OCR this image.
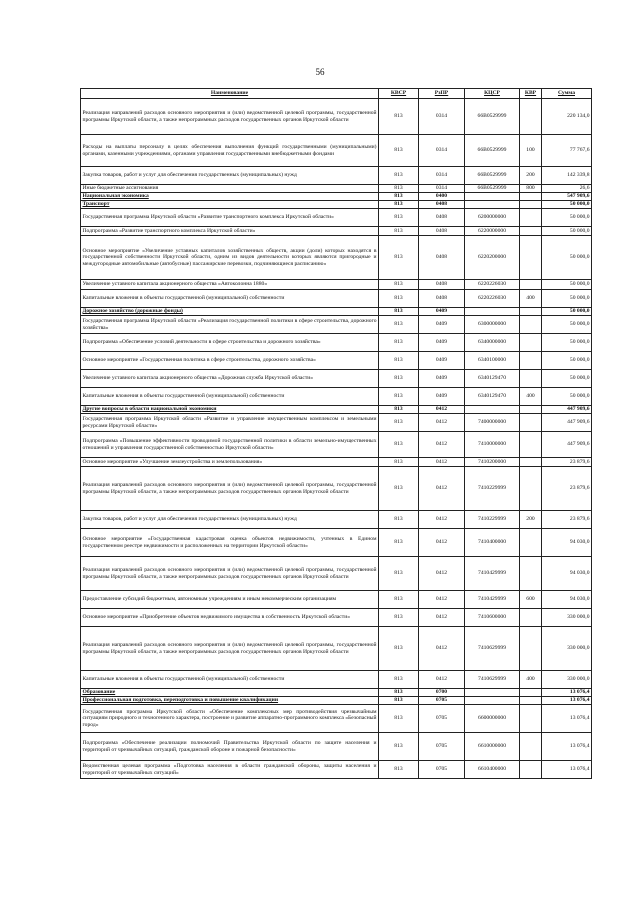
56
Наименование	КВСР	РзПР	КЦСР	КВР	Сумма
Реализация направлений расходов основного мероприятия и (или) ведомственной целевой программы, государственной программы Иркутской области, а также непрограммных расходов государственных органов Иркутской области	813	0314	66В0529999		220 134,0
Расходы на выплаты персоналу в целях обеспечения выполнения функций государственными (муниципальными) органами, казенными учреждениями, органами управления государственными внебюджетными фондами	813	0314	66В0529999	100	77 767,6
Закупка товаров, работ и услуг для обеспечения государственных (муниципальных) нужд	813	0314	66В0529999	200	142 339,8
Иные бюджетные ассигнования	813	0314	66В0529999	800	26,6
Национальная экономика	813	0400			547 909,6
Транспорт	813	0408			50 000,0
Государственная программа Иркутской области «Развитие транспортного комплекса Иркутской области»	813	0408	6200000000		50 000,0
Подпрограмма «Развитие транспортного комплекса Иркутской области»	813	0408	6220000000		50 000,0
Основное мероприятие «Увеличение уставных капиталов хозяйственных обществ, акции (доли) которых находятся в государственной собственности Иркутской области, одним из видов деятельности которых являются пригородные и междугородные автомобильные (автобусные) пассажирские перевозки, подчиняющиеся расписанию»	813	0408	6220200000		50 000,0
Увеличение уставного капитала акционерного общества «Автоколонна 1880»	813	0408	6220226030		50 000,0
Капитальные вложения в объекты государственной (муниципальной) собственности	813	0408	6220226030	400	50 000,0
Дорожное хозяйство (дорожные фонды)	813	0409			50 000,0
Государственная программа Иркутской области «Реализация государственной политики в сфере строительства, дорожного хозяйства»	813	0409	6300000000		50 000,0
Подпрограмма «Обеспечение условий деятельности в сфере строительства и дорожного хозяйства»	813	0409	6340000000		50 000,0
Основное мероприятие «Государственная политика в сфере строительства, дорожного хозяйства»	813	0409	6340100000		50 000,0
Увеличение уставного капитала акционерного общества «Дорожная служба Иркутской области»	813	0409	6340129470		50 000,0
Капитальные вложения в объекты государственной (муниципальной) собственности	813	0409	6340129470	400	50 000,0
Другие вопросы в области национальной экономики	813	0412			447 909,6
Государственная программа Иркутской области «Развитие и управление имущественным комплексом и земельными ресурсами Иркутской области»	813	0412	7400000000		447 909,6
Подпрограмма «Повышение эффективности проводимой государственной политики в области земельно-имущественных отношений и управления государственной собственностью Иркутской области»	813	0412	7410000000		447 909,6
Основное мероприятие «Улучшение землеустройства и землепользования»	813	0412	7410200000		23 879,6
Реализация направлений расходов основного мероприятия и (или) ведомственной целевой программы, государственной программы Иркутской области, а также непрограммных расходов государственных органов Иркутской области	813	0412	7410229999		23 879,6
Закупка товаров, работ и услуг для обеспечения государственных (муниципальных) нужд	813	0412	7410229999	200	23 879,6
Основное мероприятие «Государственная кадастровая оценка объектов недвижимости, учтенных в Едином государственном реестре недвижимости и расположенных на территории Иркутской области»	813	0412	7410400000		94 030,0
Реализация направлений расходов основного мероприятия и (или) ведомственной целевой программы, государственной программы Иркутской области, а также непрограммных расходов государственных органов Иркутской области	813	0412	7410429999		94 030,0
Предоставление субсидий бюджетным, автономным учреждениям и иным некоммерческим организациям	813	0412	7410429999	600	94 030,0
Основное мероприятие «Приобретение объектов недвижимого имущества в собственность Иркутской области»	813	0412	7410600000		330 000,0
Реализация направлений расходов основного мероприятия и (или) ведомственной целевой программы, государственной программы Иркутской области, а также непрограммных расходов государственных органов Иркутской области	813	0412	7410629999		330 000,0
Капитальные вложения в объекты государственной (муниципальной) собственности	813	0412	7410629999	400	330 000,0
Образование	813	0700			13 076,4
Профессиональная подготовка, переподготовка и повышение квалификации	813	0705			13 076,4
Государственная программа Иркутской области «Обеспечение комплексных мер противодействия чрезвычайным ситуациям природного и техногенного характера, построение и развитие аппаратно-программного комплекса «Безопасный город»	813	0705	6600000000		13 076,4
Подпрограмма «Обеспечение реализации полномочий Правительства Иркутской области по защите населения и территорий от чрезвычайных ситуаций, гражданской обороне и пожарной безопасности»	813	0705	6610000000		13 076,4
Ведомственная целевая программа «Подготовка населения в области гражданской обороны, защиты населения и территорий от чрезвычайных ситуаций»	813	0705	6610400000		13 076,4
